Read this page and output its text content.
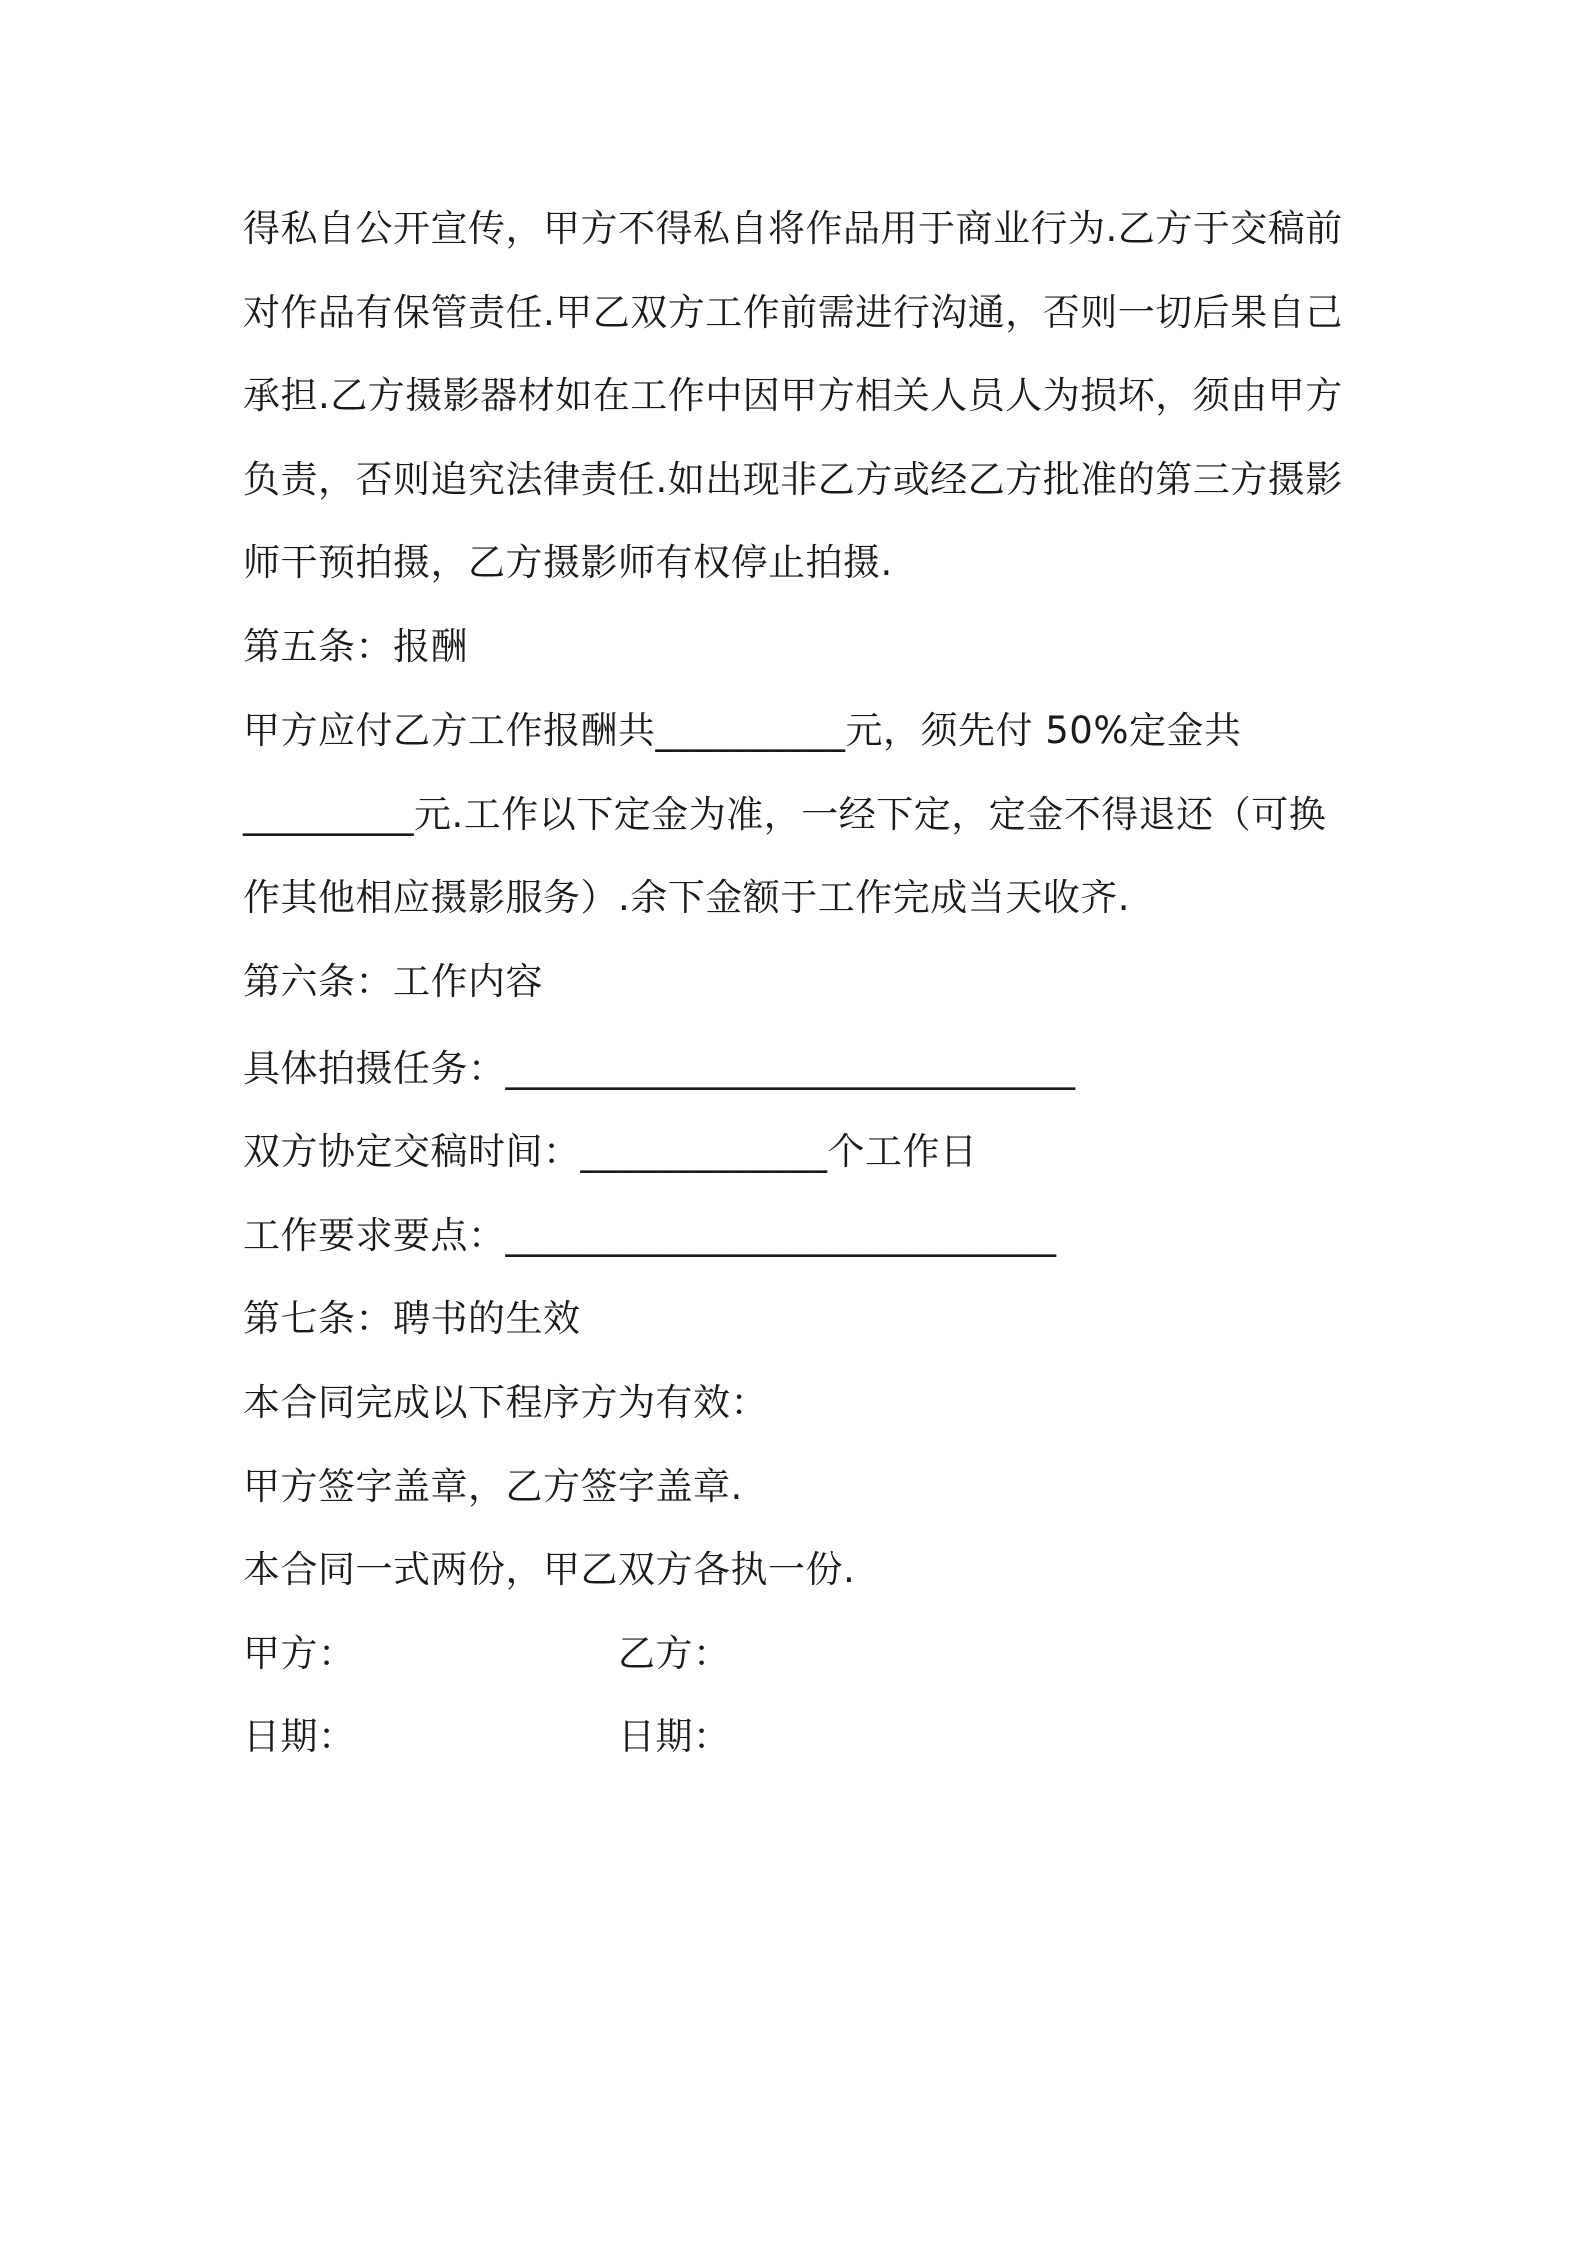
得私自公开宣传，甲方不得私自将作品用于商业行为.乙方于交稿前
对作品有保管责任.甲乙双方工作前需进行沟通，否则一切后果自己
承担.乙方摄影器材如在工作中因甲方相关人员人为损坏，须由甲方
负责，否则追究法律责任.如出现非乙方或经乙方批准的第三方摄影
师干预拍摄，乙方摄影师有权停止拍摄.
第五条：报酬
甲方应付乙方工作报酬共__________元，须先付 50%定金共
_________元.工作以下定金为准，一经下定，定金不得退还（可换
作其他相应摄影服务）.余下金额于工作完成当天收齐.
第六条：工作内容
具体拍摄任务：______________________________
双方协定交稿时间：_____________个工作日
工作要求要点：_____________________________
第七条：聘书的生效
本合同完成以下程序方为有效：
甲方签字盖章，乙方签字盖章.
本合同一式两份，甲乙双方各执一份.
甲方：	乙方：
日期：	日期：
